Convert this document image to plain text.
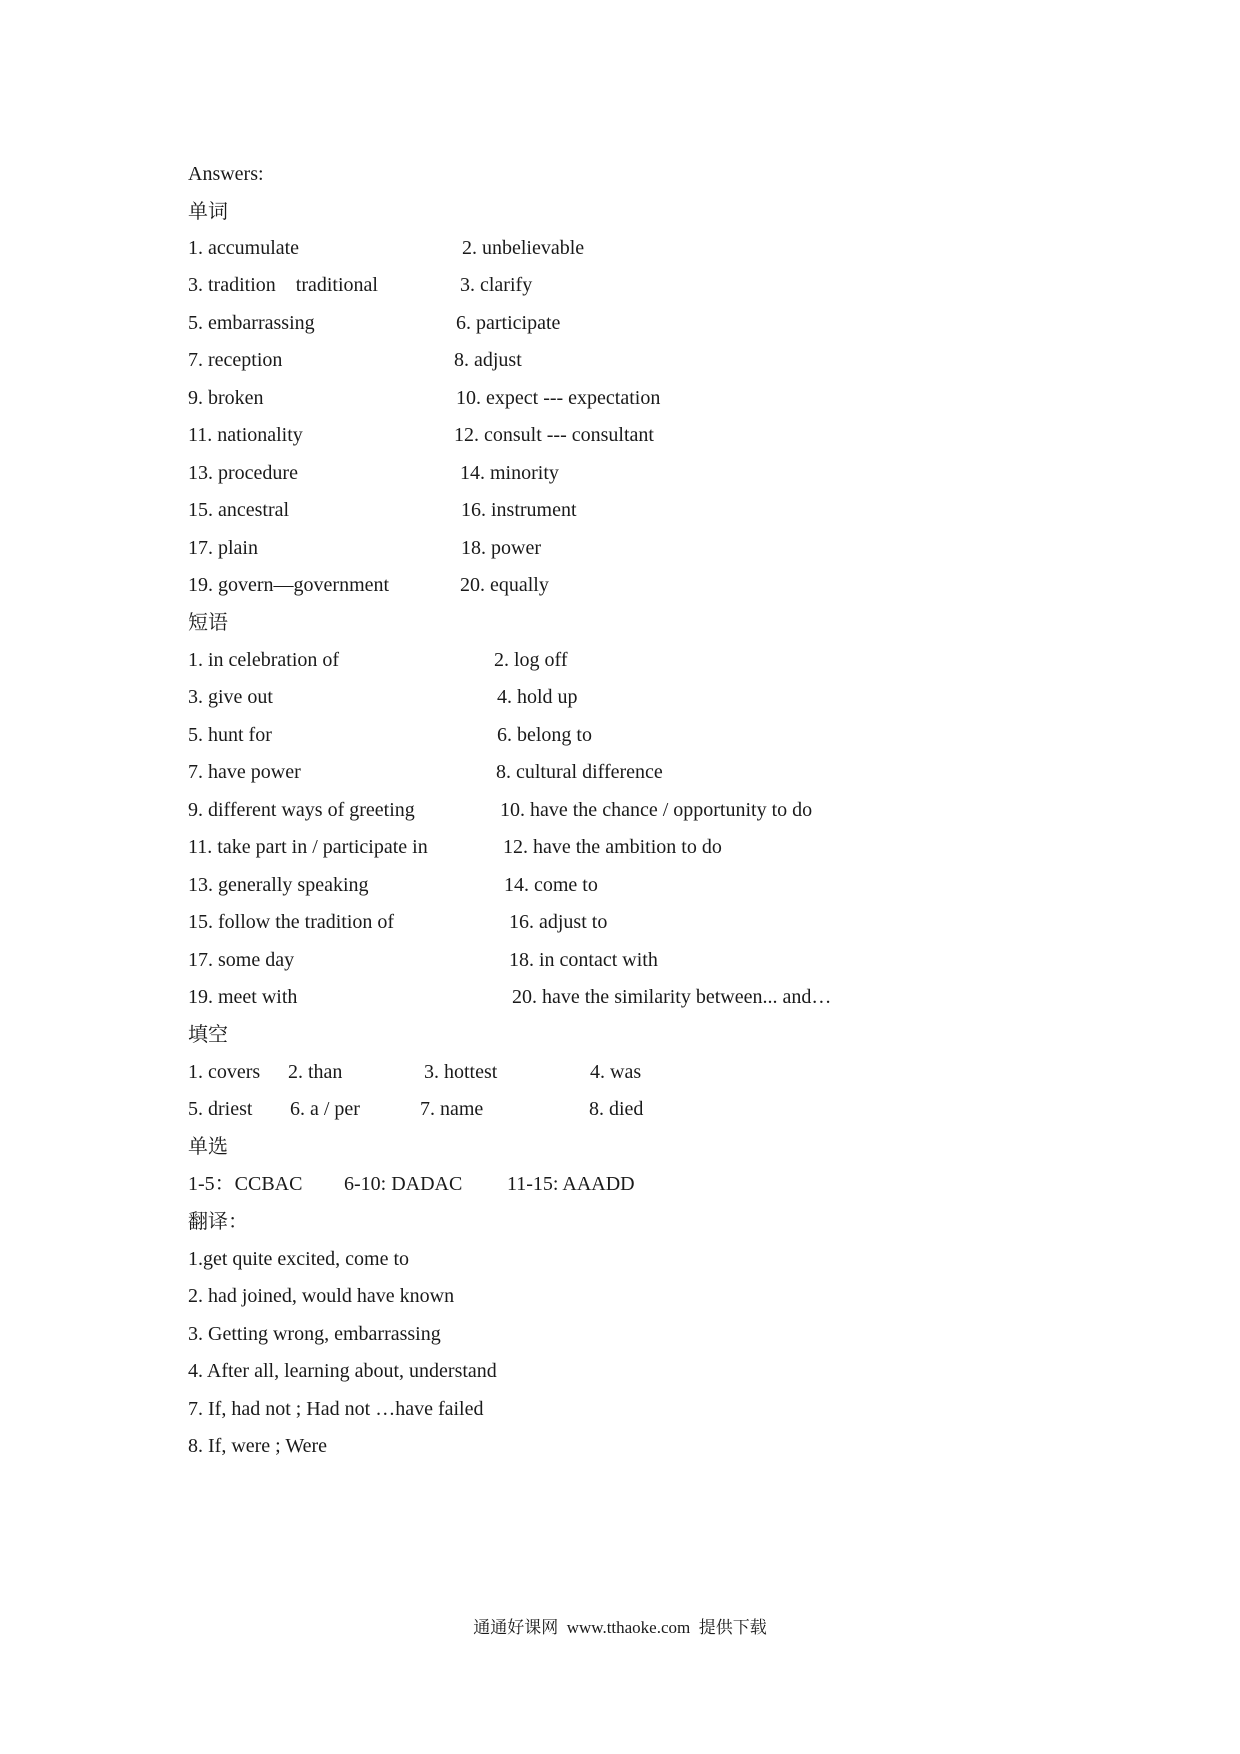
Answers:
单词
1. accumulate	2. unbelievable
3. tradition    traditional	3. clarify
5. embarrassing	6. participate
7. reception	8. adjust
9. broken	10. expect --- expectation
11. nationality	12. consult --- consultant
13. procedure	14. minority
15. ancestral	16. instrument
17. plain	18. power
19. govern—government	20. equally
短语
1. in celebration of	2. log off
3. give out	4. hold up
5. hunt for	6. belong to
7. have power	8. cultural difference
9. different ways of greeting	10. have the chance / opportunity to do
11. take part in / participate in	12. have the ambition to do
13. generally speaking	14. come to
15. follow the tradition of	16. adjust to
17. some day	18. in contact with
19. meet with	20. have the similarity between... and…
填空
1. covers 2. than	3. hottest	4. was
5. driest 6. a / per	7. name	8. died
单选
1-5：CCBAC 6-10: DADAC 11-15: AAADD
翻译：
1.get quite excited, come to
2. had joined, would have known
3. Getting wrong, embarrassing
4. After all, learning about, understand
7. If, had not ; Had not …have failed
8. If, were ; Were
通通好课网  www.tthaoke.com  提供下载
